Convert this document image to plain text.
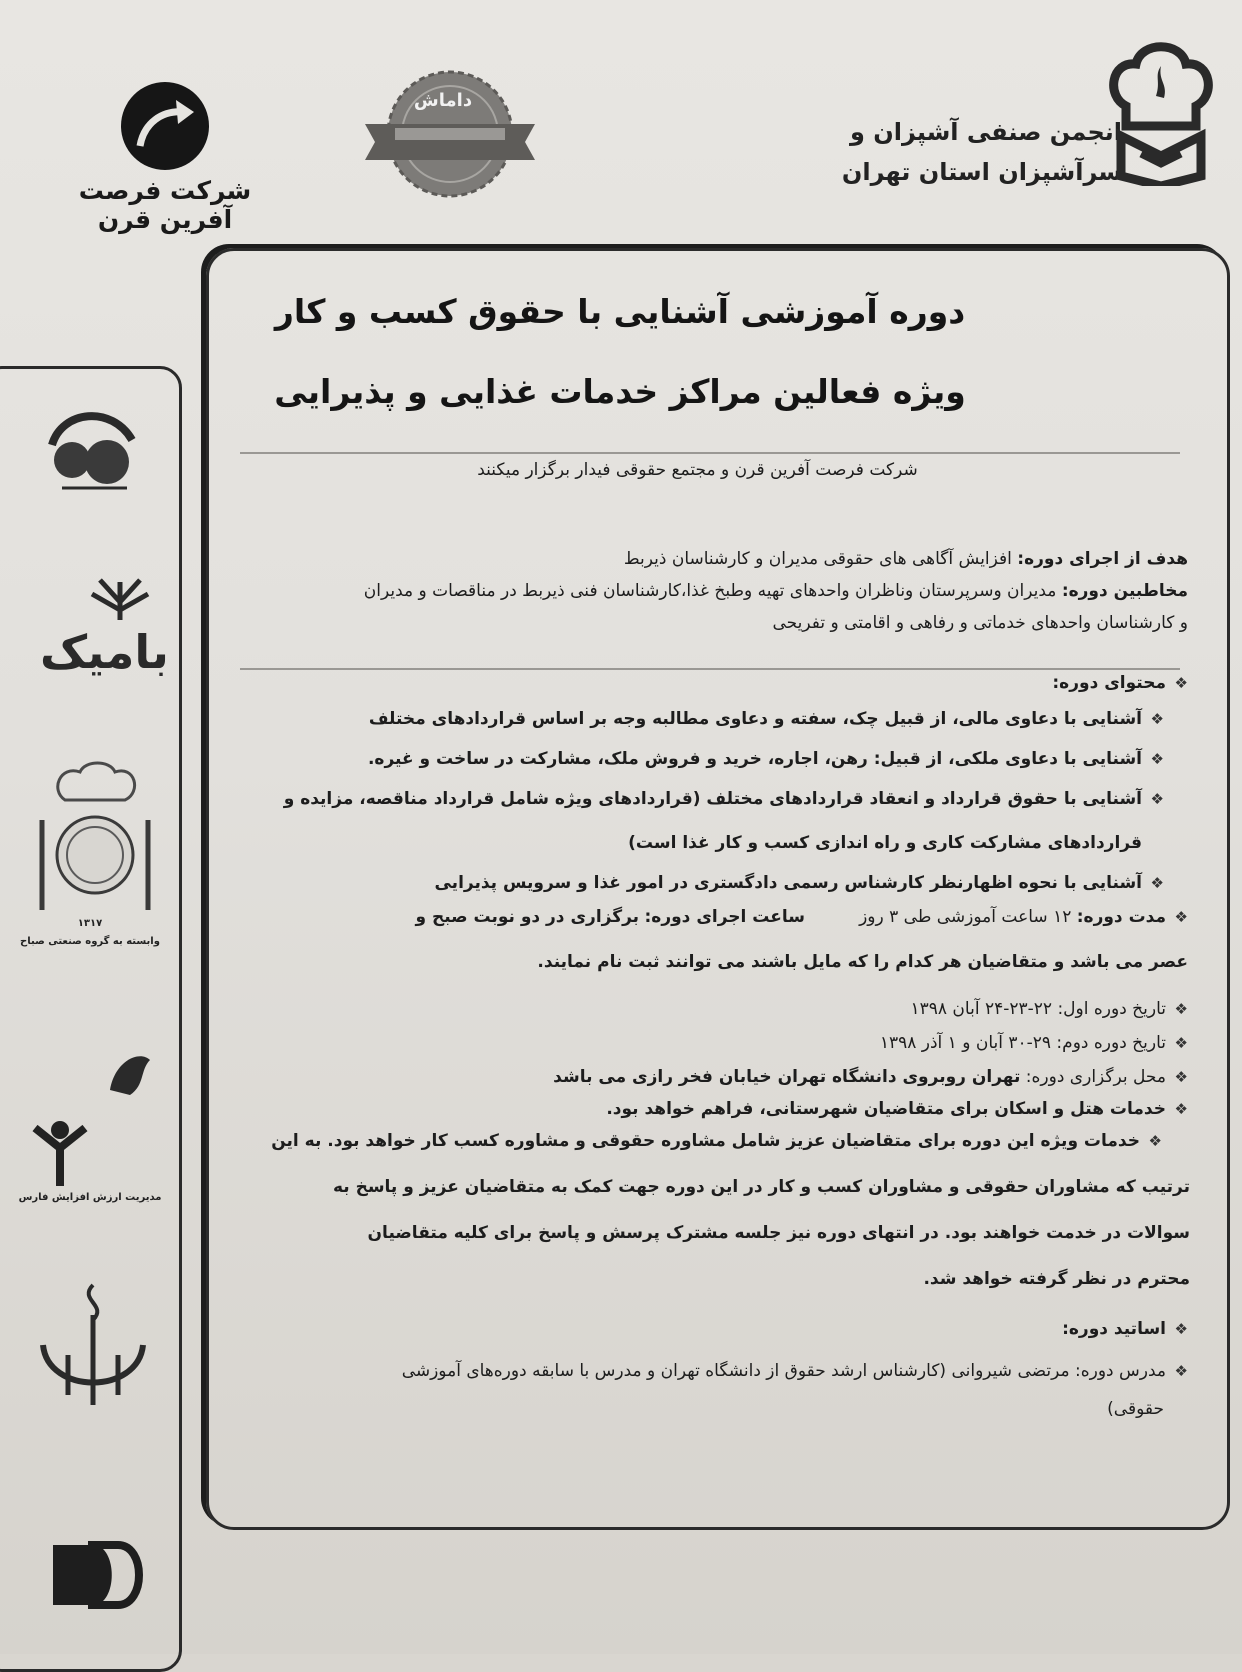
انجمن صنفی آشپزان و
سرآشپزان استان تهران
داماش
شرکت فرصت آفرین قرن
بامیک
۱۳۱۷
وابسته به گروه صنعتی صباح
مدیریت ارزش افزایش فارس
دوره آموزشی آشنایی با حقوق کسب و کار
ویژه فعالین مراکز خدمات غذایی و پذیرایی
شرکت فرصت آفرین قرن و مجتمع حقوقی فیدار برگزار میکنند
هدف از اجرای دوره: افزایش آگاهی های حقوقی مدیران و کارشناسان ذیربط
مخاطبین دوره: مدیران وسرپرستان وناظران واحدهای تهیه وطبخ غذا،کارشناسان فنی ذیربط در مناقصات و مدیران
و کارشناسان واحدهای خدماتی و رفاهی و اقامتی و تفریحی
❖محتوای دوره:
❖آشنایی با دعاوی مالی، از قبیل چک، سفته و دعاوی مطالبه وجه بر اساس قراردادهای مختلف
❖آشنایی با دعاوی ملکی، از قبیل: رهن، اجاره، خرید و فروش ملک، مشارکت در ساخت و غیره.
❖آشنایی با حقوق قرارداد و انعقاد قراردادهای مختلف (قراردادهای ویژه شامل قرارداد مناقصه، مزایده و
قراردادهای مشارکت کاری و راه اندازی کسب و کار غذا است)
❖آشنایی با نحوه اظهارنظر کارشناس رسمی دادگستری در امور غذا و سرویس پذیرایی
❖مدت دوره: ۱۲ ساعت آموزشی طی ۳ روز          ساعت اجرای دوره: برگزاری در دو نوبت صبح و
عصر می باشد و متقاضیان هر کدام را که مایل باشند می توانند ثبت نام نمایند.
❖تاریخ دوره اول: ۲۲-۲۳-۲۴ آبان ۱۳۹۸
❖تاریخ دوره دوم: ۲۹-۳۰ آبان و ۱ آذر ۱۳۹۸
❖محل برگزاری دوره: تهران روبروی دانشگاه تهران خیابان فخر رازی می باشد
❖خدمات هتل و اسکان برای متقاضیان شهرستانی، فراهم خواهد بود.
❖خدمات ویژه این دوره برای متقاضیان عزیز شامل مشاوره حقوقی و مشاوره کسب کار خواهد بود. به این
ترتیب که مشاوران حقوقی و مشاوران کسب و کار در این دوره جهت کمک به متقاضیان عزیز و پاسخ به
سوالات در خدمت خواهند بود. در انتهای دوره نیز جلسه مشترک پرسش و پاسخ برای کلیه متقاضیان
محترم در نظر گرفته خواهد شد.
❖اساتید دوره:
❖مدرس دوره: مرتضی شیروانی (کارشناس ارشد حقوق از دانشگاه تهران و مدرس با سابقه دوره‌های آموزشی
حقوقی)
